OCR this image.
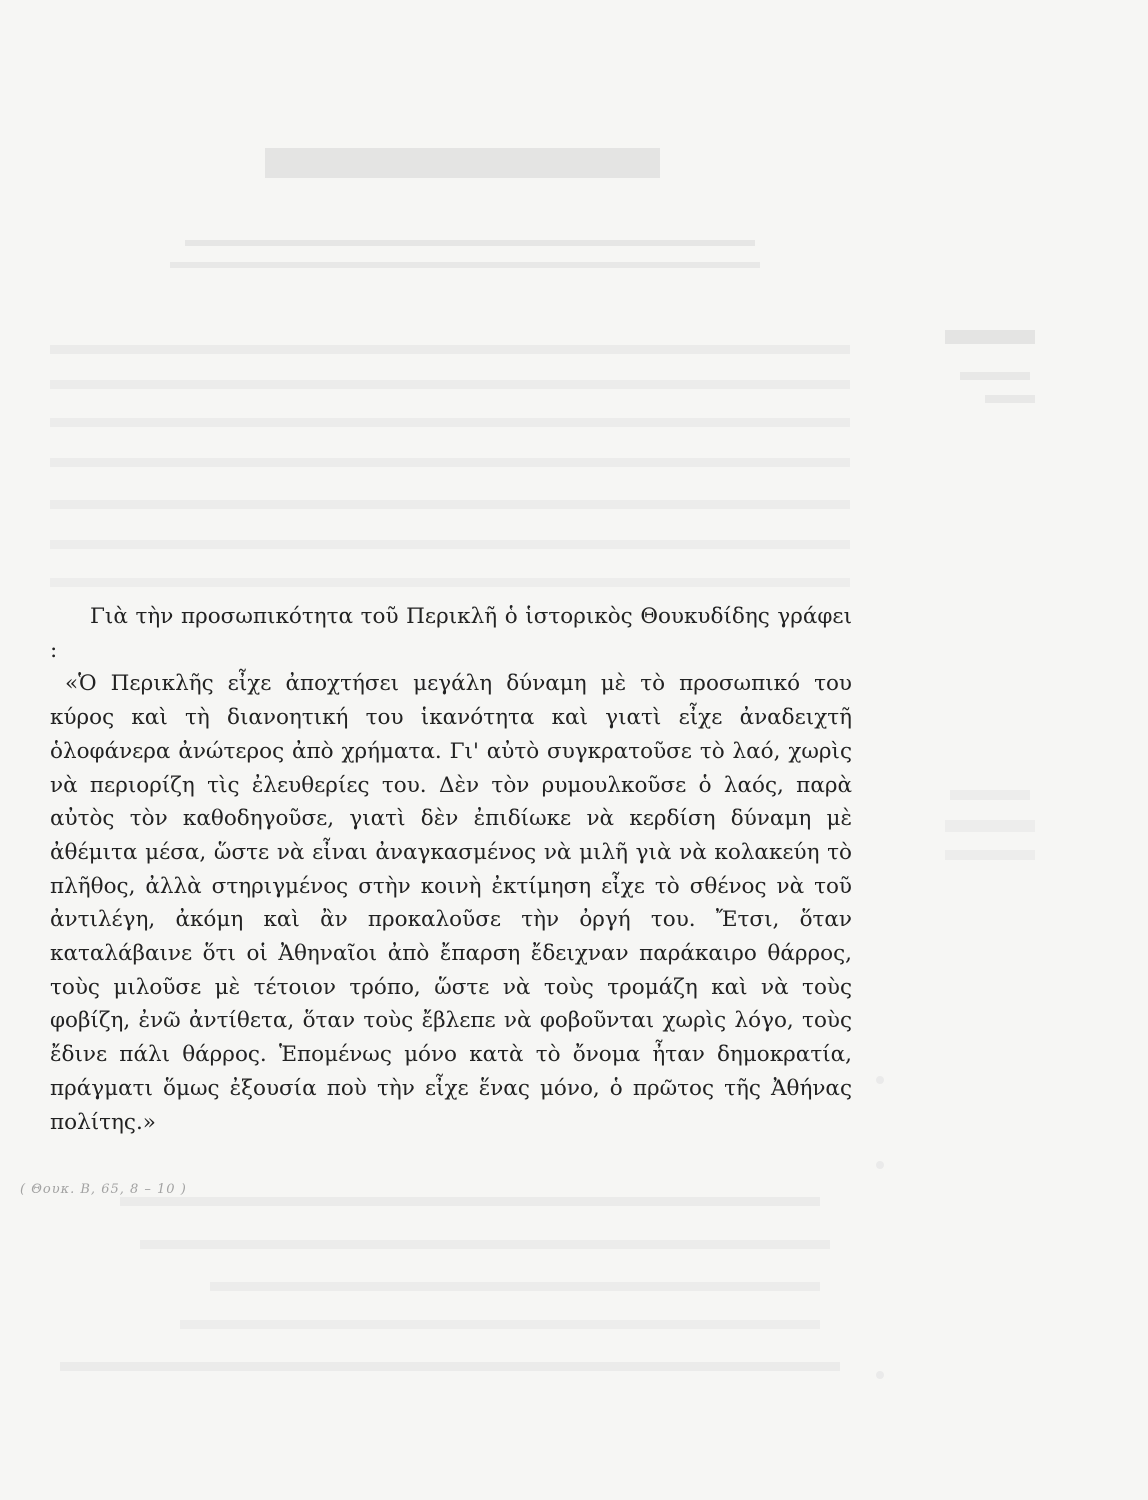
Γιὰ τὴν προσωπικότητα τοῦ Περικλῆ ὁ ἱστορικὸς Θουκυδίδης γράφει :

«Ὁ Περικλῆς εἶχε ἀποχτήσει μεγάλη δύναμη μὲ τὸ προσωπικό του κύρος καὶ τὴ διανοητική του ἱκανότητα καὶ γιατὶ εἶχε ἀναδειχτῆ ὁλοφάνερα ἀνώτερος ἀπὸ χρήματα. Γι' αὐτὸ συγκρατοῦσε τὸ λαό, χωρὶς νὰ περιορίζη τὶς ἐλευθερίες του. Δὲν τὸν ρυμουλκοῦσε ὁ λαός, παρὰ αὐτὸς τὸν καθοδηγοῦσε, γιατὶ δὲν ἐπιδίωκε νὰ κερδίση δύναμη μὲ ἀθέμιτα μέσα, ὥστε νὰ εἶναι ἀναγκασμένος νὰ μιλῆ γιὰ νὰ κολακεύη τὸ πλῆθος, ἀλλὰ στηριγμένος στὴν κοινὴ ἐκτίμηση εἶχε τὸ σθένος νὰ τοῦ ἀντιλέγη, ἀκόμη καὶ ἂν προκαλοῦσε τὴν ὀργή του. Ἔτσι, ὅταν καταλάβαινε ὅτι οἱ Ἀθηναῖοι ἀπὸ ἔπαρση ἔδειχναν παράκαιρο θάρρος, τοὺς μιλοῦσε μὲ τέτοιον τρόπο, ὥστε νὰ τοὺς τρομάζη καὶ νὰ τοὺς φοβίζη, ἐνῶ ἀντίθετα, ὅταν τοὺς ἔβλεπε νὰ φοβοῦνται χωρὶς λόγο, τοὺς ἔδινε πάλι θάρρος. Ἑπομένως μόνο κατὰ τὸ ὄνομα ἦταν δημοκρατία, πράγματι ὅμως ἐξουσία ποὺ τὴν εἶχε ἕνας μόνο, ὁ πρῶτος τῆς Ἀθήνας πολίτης.»

( Θουκ. Β, 65, 8 – 10 )
